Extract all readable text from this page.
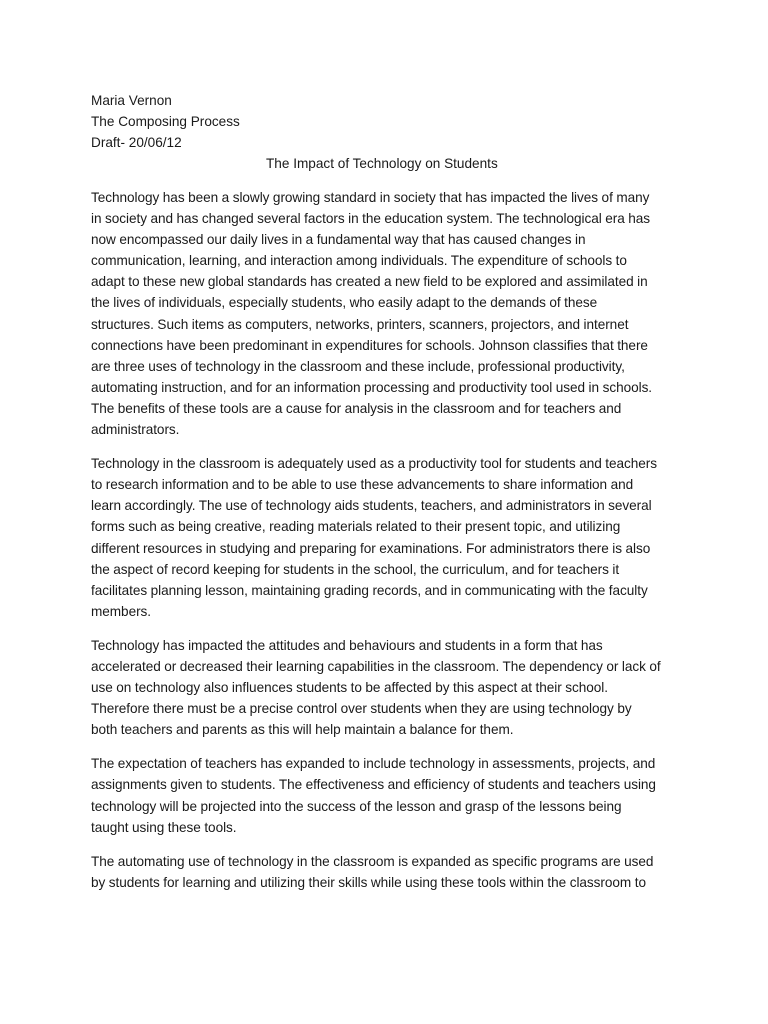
Maria Vernon

The Composing Process

Draft- 20/06/12

The Impact of Technology on Students

Technology has been a slowly growing standard in society that has impacted the lives of many
in society and has changed several factors in the education system. The technological era has
now encompassed our daily lives in a fundamental way that has caused changes in
communication, learning, and interaction among individuals. The expenditure of schools to
adapt to these new global standards has created a new field to be explored and assimilated in
the lives of individuals, especially students, who easily adapt to the demands of these
structures. Such items as computers, networks, printers, scanners, projectors, and internet
connections have been predominant in expenditures for schools. Johnson classifies that there
are three uses of technology in the classroom and these include, professional productivity,
automating instruction, and for an information processing and productivity tool used in schools.
The benefits of these tools are a cause for analysis in the classroom and for teachers and
administrators.

Technology in the classroom is adequately used as a productivity tool for students and teachers
to research information and to be able to use these advancements to share information and
learn accordingly. The use of technology aids students, teachers, and administrators in several
forms such as being creative, reading materials related to their present topic, and utilizing
different resources in studying and preparing for examinations. For administrators there is also
the aspect of record keeping for students in the school, the curriculum, and for teachers it
facilitates planning lesson, maintaining grading records, and in communicating with the faculty
members.

Technology has impacted the attitudes and behaviours and students in a form that has
accelerated or decreased their learning capabilities in the classroom. The dependency or lack of
use on technology also influences students to be affected by this aspect at their school.
Therefore there must be a precise control over students when they are using technology by
both teachers and parents as this will help maintain a balance for them.

The expectation of teachers has expanded to include technology in assessments, projects, and
assignments given to students. The effectiveness and efficiency of students and teachers using
technology will be projected into the success of the lesson and grasp of the lessons being
taught using these tools.

The automating use of technology in the classroom is expanded as specific programs are used
by students for learning and utilizing their skills while using these tools within the classroom to
